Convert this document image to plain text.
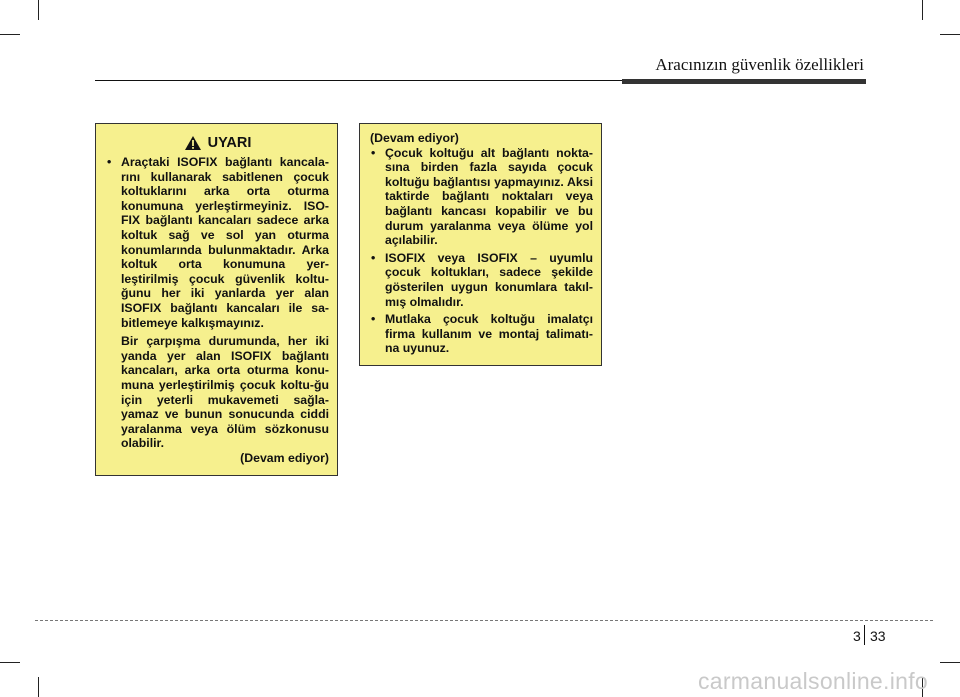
Aracınızın güvenlik özellikleri
UYARI
• Araçtaki ISOFIX bağlantı kancala-rını kullanarak sabitlenen çocuk koltuklarını arka orta oturma konumuna yerleştirmeyiniz. ISO-FIX bağlantı kancaları sadece arka koltuk sağ ve sol yan oturma konumlarında bulunmaktadır. Arka koltuk orta konumuna yer-leştirilmiş çocuk güvenlik koltu-ğunu her iki yanlarda yer alan ISOFIX bağlantı kancaları ile sa-bitlemeye kalkışmayınız.
Bir çarpışma durumunda, her iki yanda yer alan ISOFIX bağlantı kancaları, arka orta oturma konu-muna yerleştirilmiş çocuk koltu-ğu için yeterli mukavemeti sağla-yamaz ve bunun sonucunda ciddi yaralanma veya ölüm sözkonusu olabilir.
(Devam ediyor)
(Devam ediyor)
• Çocuk koltuğu alt bağlantı nokta-sına birden fazla sayıda çocuk koltuğu bağlantısı yapmayınız. Aksi taktirde bağlantı noktaları veya bağlantı kancası kopabilir ve bu durum yaralanma veya ölüme yol açılabilir.
• ISOFIX veya ISOFIX – uyumlu çocuk koltukları, sadece şekilde gösterilen uygun konumlara takıl-mış olmalıdır.
• Mutlaka çocuk koltuğu imalatçı firma kullanım ve montaj talimatı-na uyunuz.
3 33
carmanualsonline.info
